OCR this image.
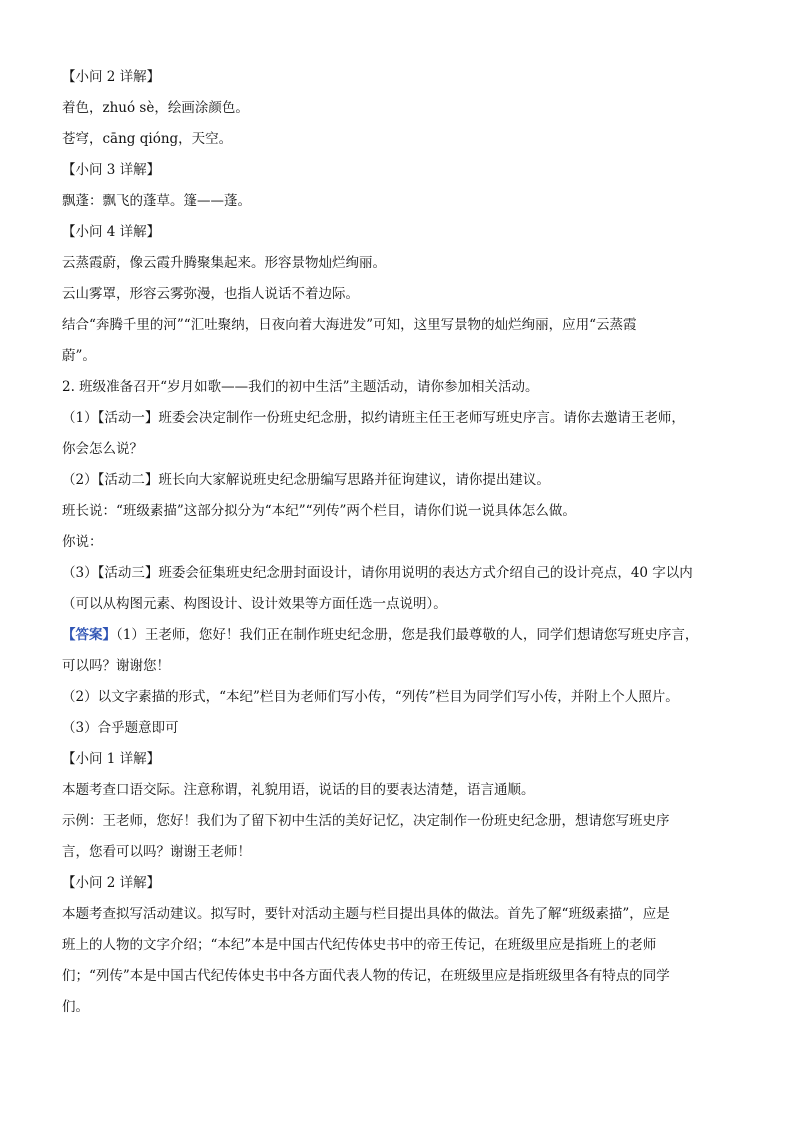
【小问 2 详解】
着色，zhuó sè，绘画涂颜色。
苍穹，cāng qióng，天空。
【小问 3 详解】
飘蓬：飘飞的蓬草。篷——蓬。
【小问 4 详解】
云蒸霞蔚，像云霞升腾聚集起来。形容景物灿烂绚丽。
云山雾罩，形容云雾弥漫，也指人说话不着边际。
结合“奔腾千里的河”“汇吐聚纳，日夜向着大海进发”可知，这里写景物的灿烂绚丽，应用“云蒸霞
蔚”。
2. 班级准备召开“岁月如歌——我们的初中生活”主题活动，请你参加相关活动。
（1）【活动一】班委会决定制作一份班史纪念册，拟约请班主任王老师写班史序言。请你去邀请王老师，
你会怎么说？
（2）【活动二】班长向大家解说班史纪念册编写思路并征询建议，请你提出建议。
班长说：“班级素描”这部分拟分为“本纪”“列传”两个栏目，请你们说一说具体怎么做。
你说：
（3）【活动三】班委会征集班史纪念册封面设计，请你用说明的表达方式介绍自己的设计亮点，40 字以内
（可以从构图元素、构图设计、设计效果等方面任选一点说明）。
【答案】（1）王老师，您好！我们正在制作班史纪念册，您是我们最尊敬的人，同学们想请您写班史序言，
可以吗？谢谢您！
（2）以文字素描的形式，“本纪”栏目为老师们写小传，“列传”栏目为同学们写小传，并附上个人照片。
（3）合乎题意即可
【小问 1 详解】
本题考查口语交际。注意称谓，礼貌用语，说话的目的要表达清楚，语言通顺。
示例：王老师，您好！我们为了留下初中生活的美好记忆，决定制作一份班史纪念册，想请您写班史序
言，您看可以吗？谢谢王老师！
【小问 2 详解】
本题考查拟写活动建议。拟写时，要针对活动主题与栏目提出具体的做法。首先了解“班级素描”，应是
班上的人物的文字介绍；“本纪”本是中国古代纪传体史书中的帝王传记，在班级里应是指班上的老师
们；“列传”本是中国古代纪传体史书中各方面代表人物的传记，在班级里应是指班级里各有特点的同学
们。
